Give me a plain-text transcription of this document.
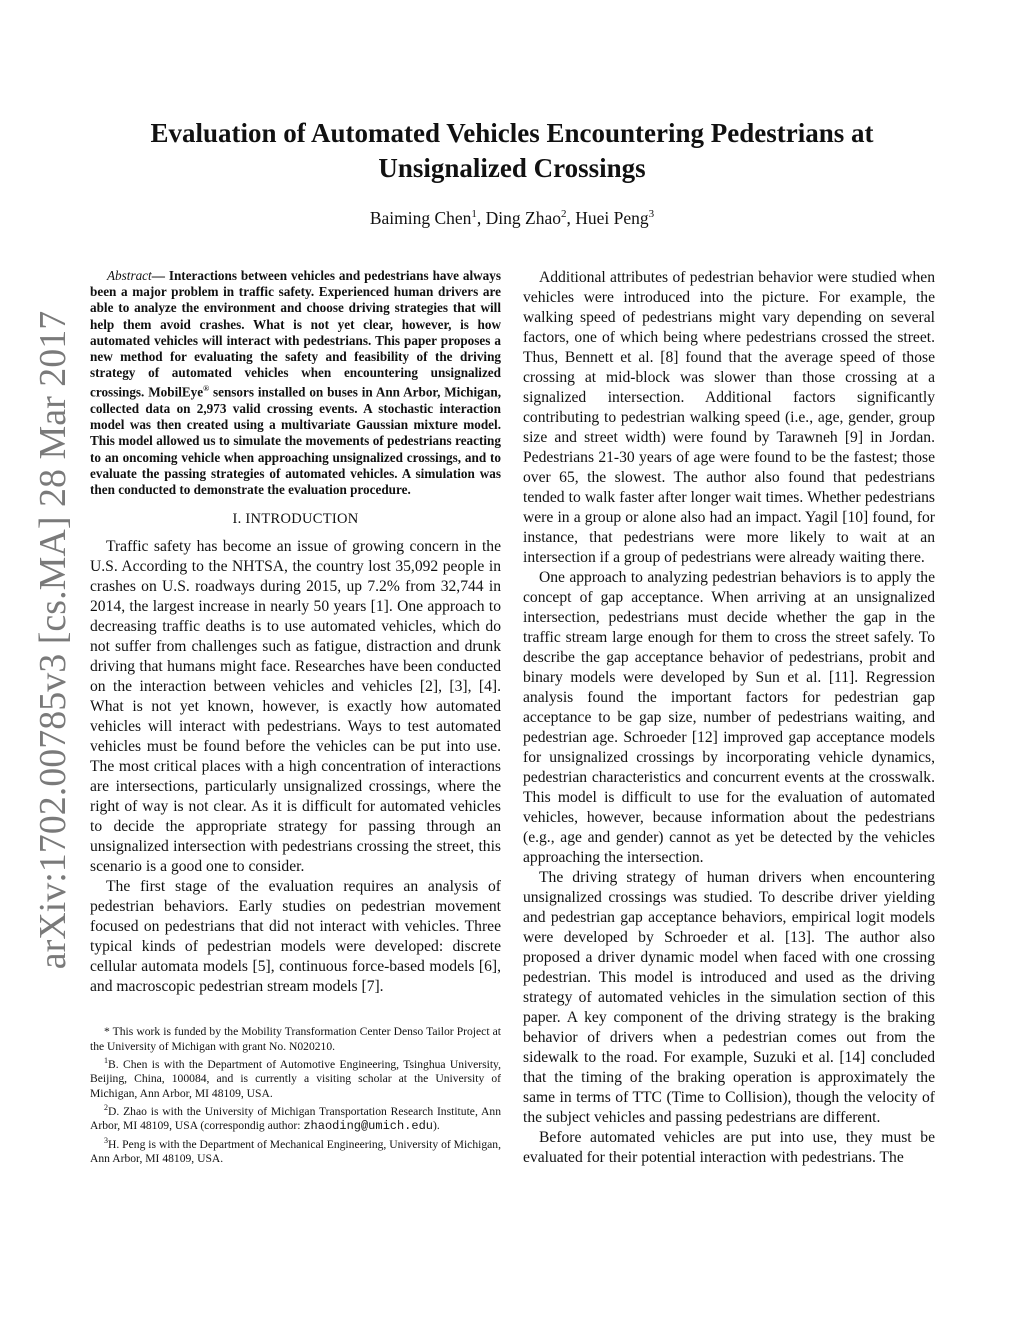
Evaluation of Automated Vehicles Encountering Pedestrians at Unsignalized Crossings
Baiming Chen$^1$, Ding Zhao$^2$, Huei Peng$^3$
arXiv:1702.00785v3 [cs.MA] 28 Mar 2017

Abstract— Interactions between vehicles and pedestrians have always been a major problem in traffic safety. Experienced human drivers are able to analyze the environment and choose driving strategies that will help them avoid crashes. What is not yet clear, however, is how automated vehicles will interact with pedestrians. This paper proposes a new method for evaluating the safety and feasibility of the driving strategy of automated vehicles when encountering unsignalized crossings. MobilEye® sensors installed on buses in Ann Arbor, Michigan, collected data on 2,973 valid crossing events. A stochastic interaction model was then created using a multivariate Gaussian mixture model. This model allowed us to simulate the movements of pedestrians reacting to an oncoming vehicle when approaching unsignalized crossings, and to evaluate the passing strategies of automated vehicles. A simulation was then conducted to demonstrate the evaluation procedure.

I. INTRODUCTION

Traffic safety has become an issue of growing concern in the U.S. According to the NHTSA, the country lost 35,092 people in crashes on U.S. roadways during 2015, up 7.2% from 32,744 in 2014, the largest increase in nearly 50 years [1]. One approach to decreasing traffic deaths is to use automated vehicles, which do not suffer from challenges such as fatigue, distraction and drunk driving that humans might face. Researches have been conducted on the interaction between vehicles and vehicles [2], [3], [4]. What is not yet known, however, is exactly how automated vehicles will interact with pedestrians. Ways to test automated vehicles must be found before the vehicles can be put into use. The most critical places with a high concentration of interactions are intersections, particularly unsignalized crossings, where the right of way is not clear. As it is difficult for automated vehicles to decide the appropriate strategy for passing through an unsignalized intersection with pedestrians crossing the street, this scenario is a good one to consider.

The first stage of the evaluation requires an analysis of pedestrian behaviors. Early studies on pedestrian movement focused on pedestrians that did not interact with vehicles. Three typical kinds of pedestrian models were developed: discrete cellular automata models [5], continuous force-based models [6], and macroscopic pedestrian stream models [7].

* This work is funded by the Mobility Transformation Center Denso Tailor Project at the University of Michigan with grant No. N020210.

$^1$B. Chen is with the Department of Automotive Engineering, Tsinghua University, Beijing, China, 100084, and is currently a visiting scholar at the University of Michigan, Ann Arbor, MI 48109, USA.

$^2$D. Zhao is with the University of Michigan Transportation Research Institute, Ann Arbor, MI 48109, USA (correspondig author: zhaoding@umich.edu).

$^3$H. Peng is with the Department of Mechanical Engineering, University of Michigan, Ann Arbor, MI 48109, USA.

Additional attributes of pedestrian behavior were studied when vehicles were introduced into the picture. For example, the walking speed of pedestrians might vary depending on several factors, one of which being where pedestrians crossed the street. Thus, Bennett et al. [8] found that the average speed of those crossing at mid-block was slower than those crossing at a signalized intersection. Additional factors significantly contributing to pedestrian walking speed (i.e., age, gender, group size and street width) were found by Tarawneh [9] in Jordan. Pedestrians 21-30 years of age were found to be the fastest; those over 65, the slowest. The author also found that pedestrians tended to walk faster after longer wait times. Whether pedestrians were in a group or alone also had an impact. Yagil [10] found, for instance, that pedestrians were more likely to wait at an intersection if a group of pedestrians were already waiting there.

One approach to analyzing pedestrian behaviors is to apply the concept of gap acceptance. When arriving at an unsignalized intersection, pedestrians must decide whether the gap in the traffic stream large enough for them to cross the street safely. To describe the gap acceptance behavior of pedestrians, probit and binary models were developed by Sun et al. [11]. Regression analysis found the important factors for pedestrian gap acceptance to be gap size, number of pedestrians waiting, and pedestrian age. Schroeder [12] improved gap acceptance models for unsignalized crossings by incorporating vehicle dynamics, pedestrian characteristics and concurrent events at the crosswalk. This model is difficult to use for the evaluation of automated vehicles, however, because information about the pedestrians (e.g., age and gender) cannot as yet be detected by the vehicles approaching the intersection.

The driving strategy of human drivers when encountering unsignalized crossings was studied. To describe driver yielding and pedestrian gap acceptance behaviors, empirical logit models were developed by Schroeder et al. [13]. The author also proposed a driver dynamic model when faced with one crossing pedestrian. This model is introduced and used as the driving strategy of automated vehicles in the simulation section of this paper. A key component of the driving strategy is the braking behavior of drivers when a pedestrian comes out from the sidewalk to the road. For example, Suzuki et al. [14] concluded that the timing of the braking operation is approximately the same in terms of TTC (Time to Collision), though the velocity of the subject vehicles and passing pedestrians are different.

Before automated vehicles are put into use, they must be evaluated for their potential interaction with pedestrians. The
